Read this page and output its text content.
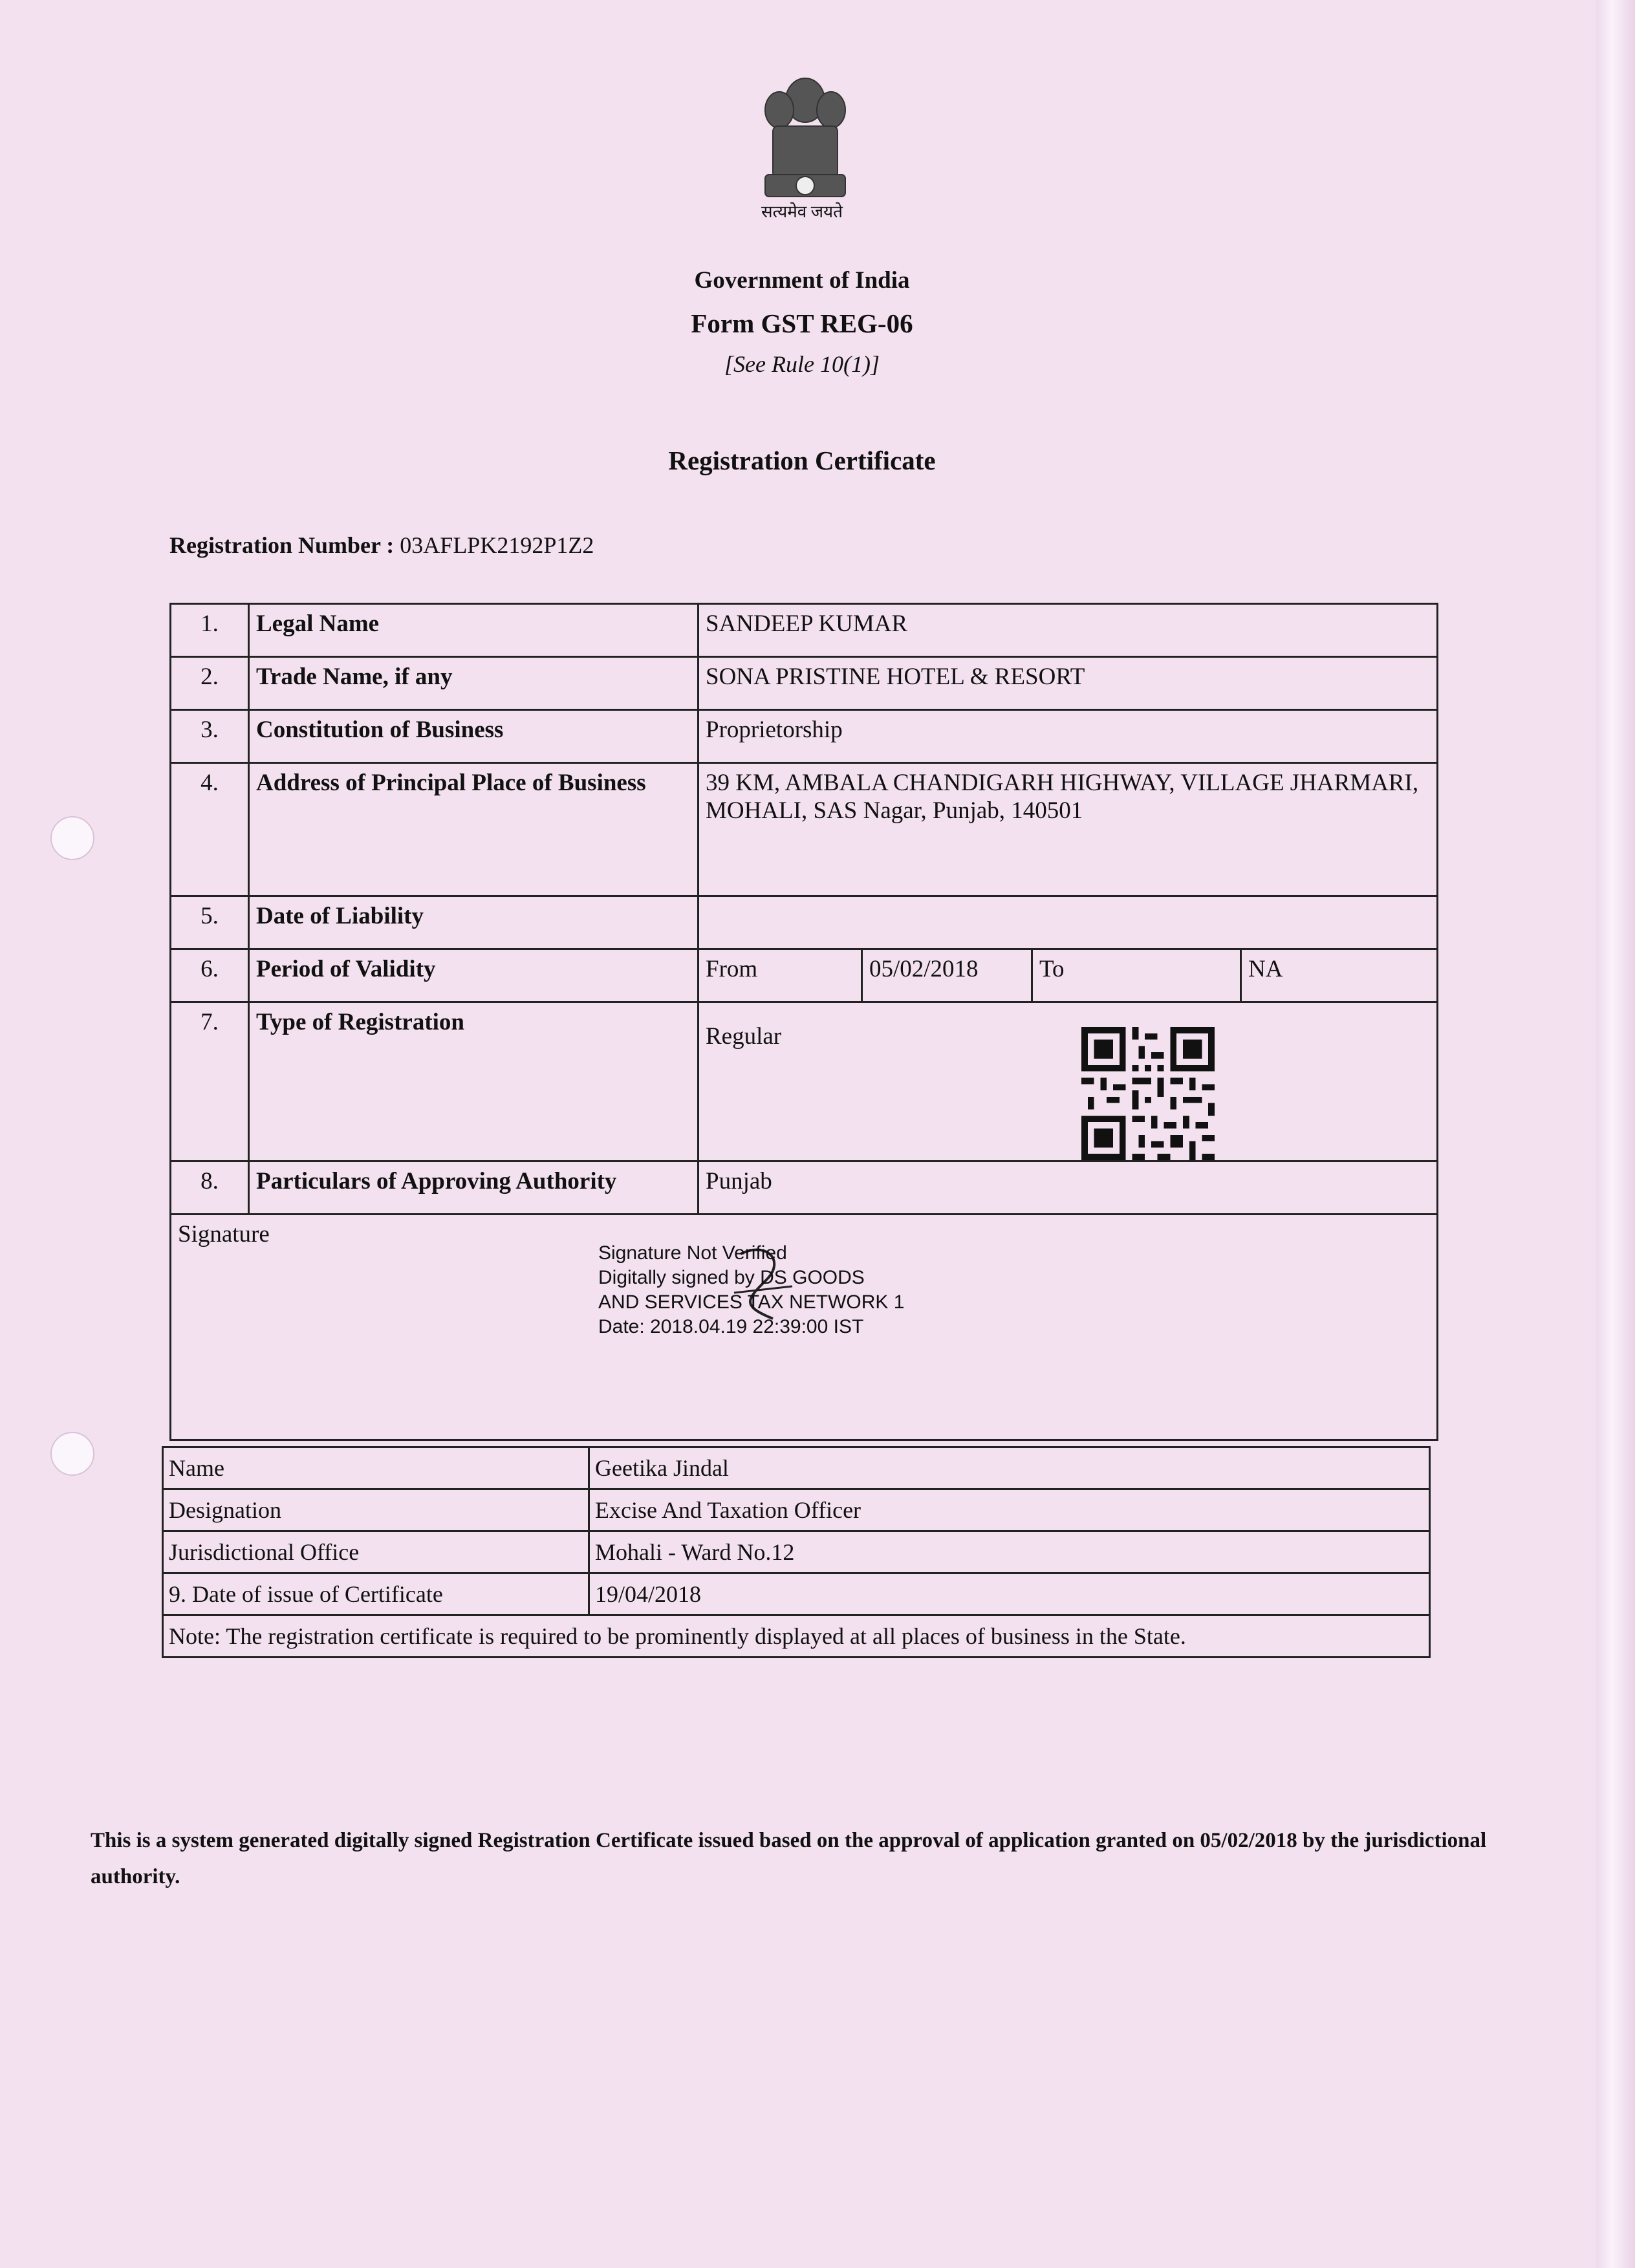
सत्यमेव जयते
Government of India
Form GST REG-06
[See Rule 10(1)]
Registration Certificate
Registration Number : 03AFLPK2192P1Z2
1.	Legal Name	SANDEEP KUMAR			
2.	Trade Name, if any	SONA PRISTINE HOTEL & RESORT			
3.	Constitution of Business	Proprietorship			
4.	Address of Principal Place of Business	39 KM, AMBALA CHANDIGARH HIGHWAY, VILLAGE JHARMARI, MOHALI, SAS Nagar, Punjab, 140501			
5.	Date of Liability				
6.	Period of Validity	From	05/02/2018	To	NA
7.	Type of Registration	Regular			
8.	Particulars of Approving Authority	Punjab			
Signature
Signature Not Verified
Digitally signed by DS GOODS
AND SERVICES TAX NETWORK 1
Date: 2018.04.19 22:39:00 IST					
Name	Geetika Jindal
Designation	Excise And Taxation Officer
Jurisdictional Office	Mohali - Ward No.12
9. Date of issue of Certificate	19/04/2018
Note: The registration certificate is required to be prominently displayed at all places of business in the State.	
This is a system generated digitally signed Registration Certificate issued based on the approval of application granted on 05/02/2018 by the jurisdictional authority.
